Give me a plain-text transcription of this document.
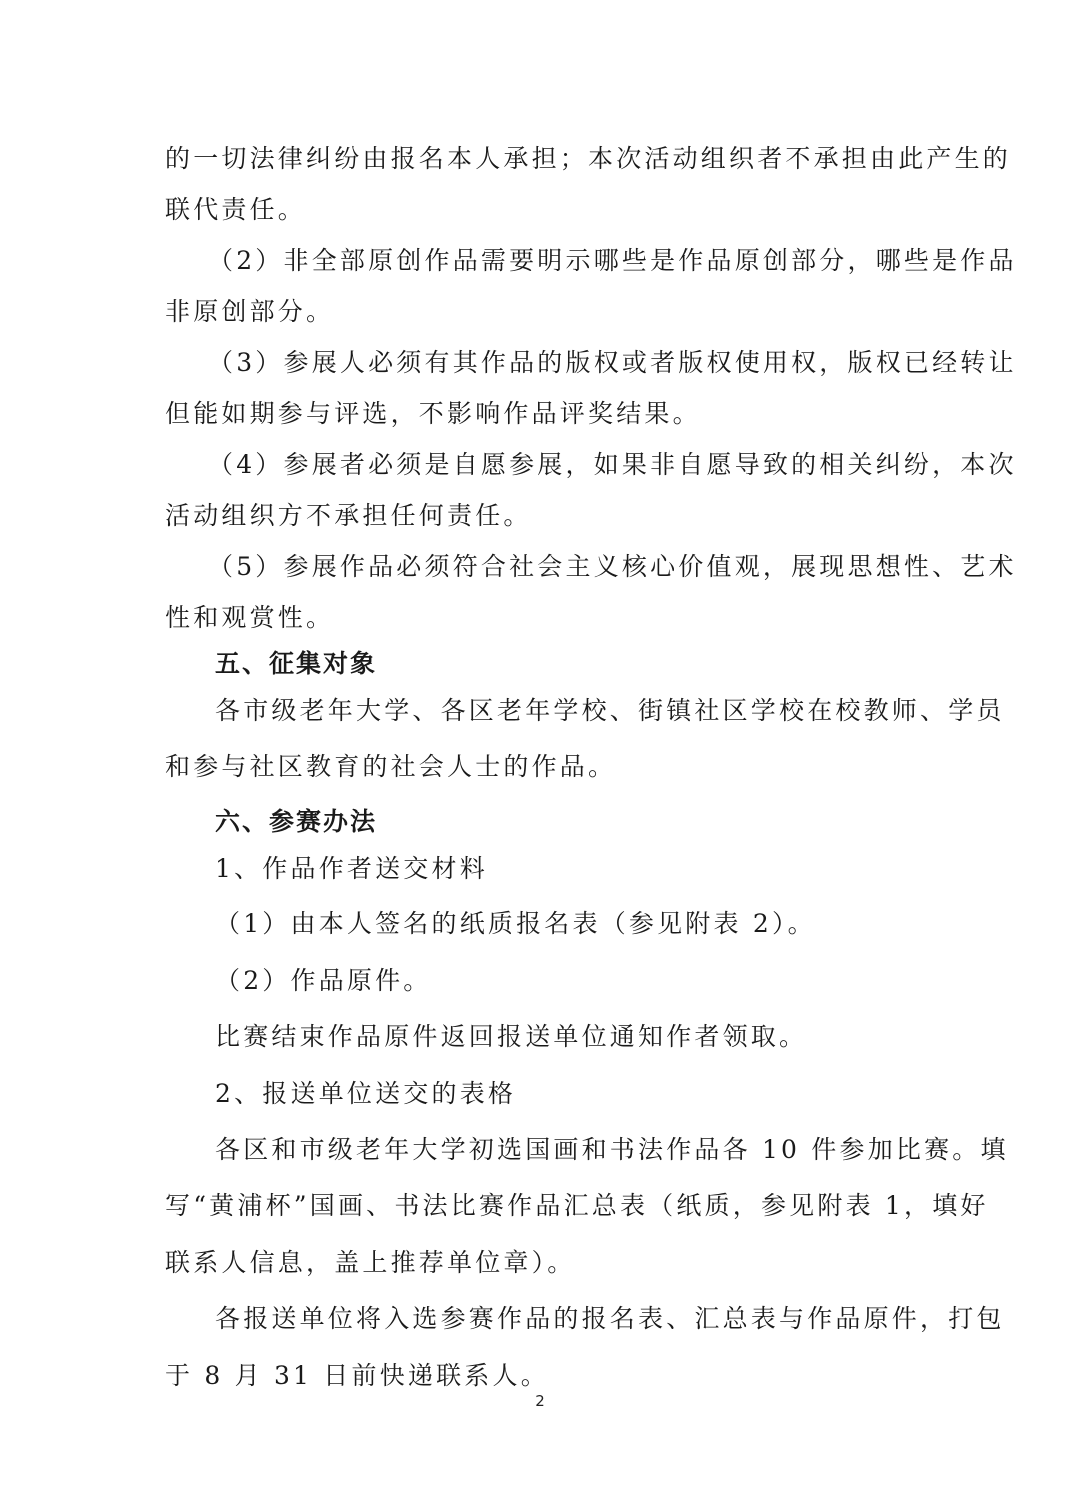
的一切法律纠纷由报名本人承担；本次活动组织者不承担由此产生的
联代责任。
（2）非全部原创作品需要明示哪些是作品原创部分，哪些是作品
非原创部分。
（3）参展人必须有其作品的版权或者版权使用权，版权已经转让
但能如期参与评选，不影响作品评奖结果。
（4）参展者必须是自愿参展，如果非自愿导致的相关纠纷，本次
活动组织方不承担任何责任。
（5）参展作品必须符合社会主义核心价值观，展现思想性、艺术
性和观赏性。
五、征集对象
各市级老年大学、各区老年学校、街镇社区学校在校教师、学员
和参与社区教育的社会人士的作品。
六、参赛办法
1、作品作者送交材料
（1）由本人签名的纸质报名表（参见附表 2）。
（2）作品原件。
比赛结束作品原件返回报送单位通知作者领取。
2、报送单位送交的表格
各区和市级老年大学初选国画和书法作品各 10 件参加比赛。填
写“黄浦杯”国画、书法比赛作品汇总表（纸质，参见附表 1，填好
联系人信息，盖上推荐单位章）。
各报送单位将入选参赛作品的报名表、汇总表与作品原件，打包
于 8 月 31 日前快递联系人。
2
